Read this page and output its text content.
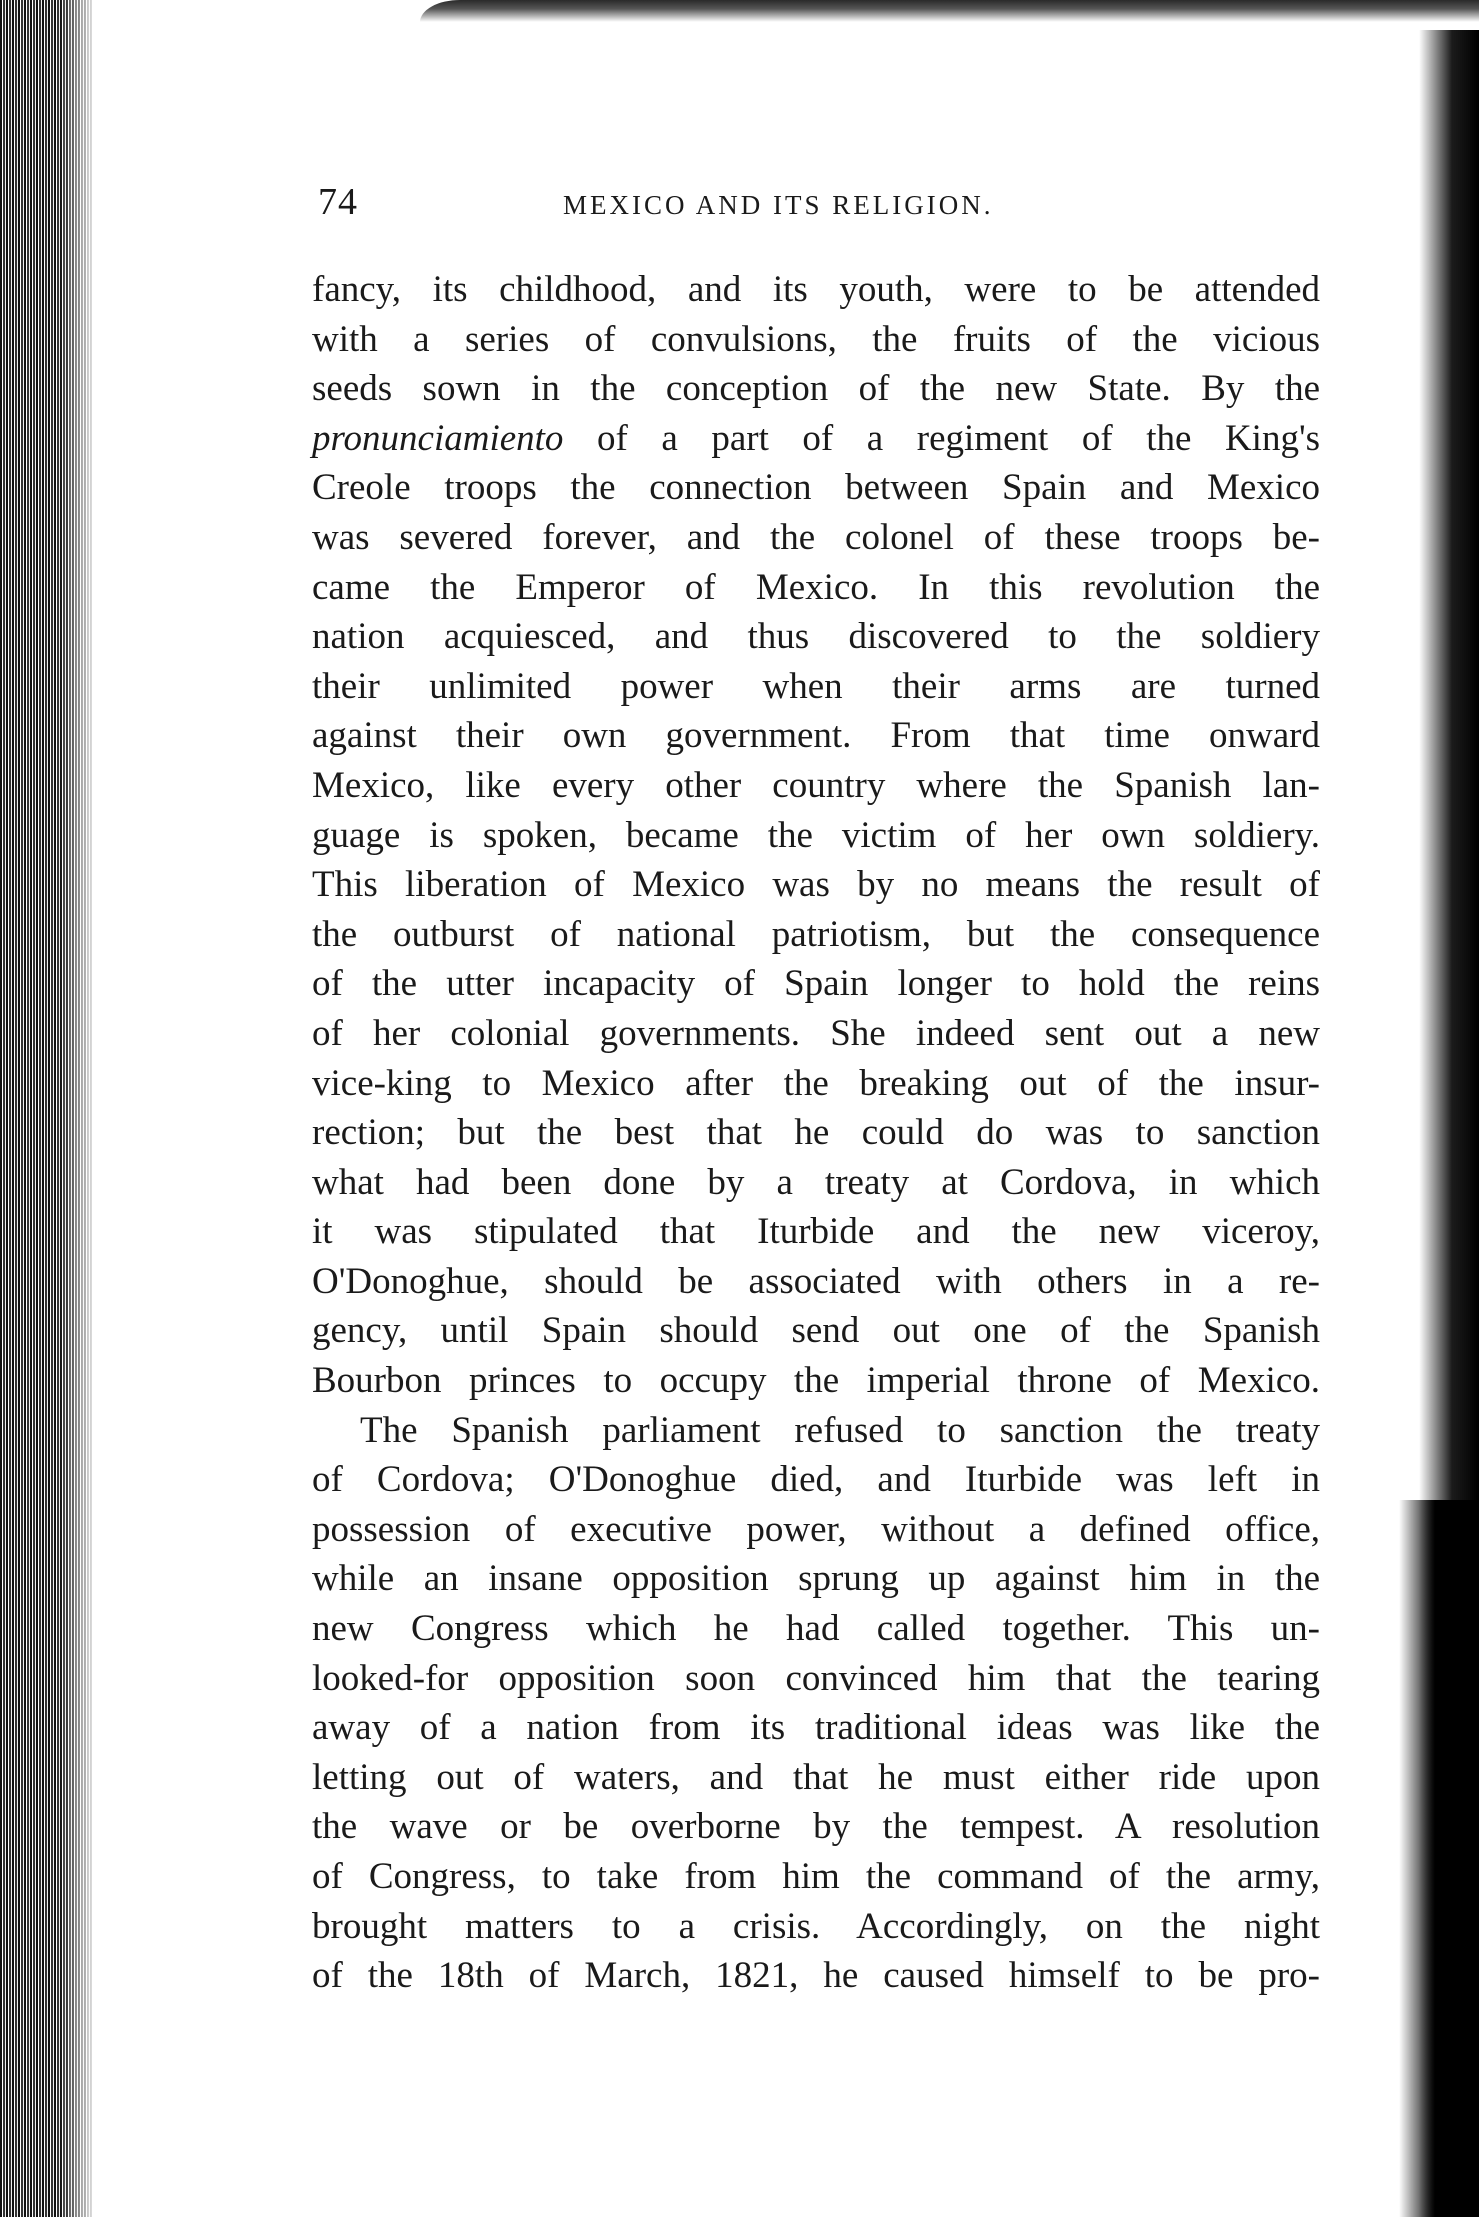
74	MEXICO AND ITS RELIGION.
fancy, its childhood, and its youth, were to be attended
with a series of convulsions, the fruits of the vicious
seeds sown in the conception of the new State. By the
pronunciamiento of a part of a regiment of the King's
Creole troops the connection between Spain and Mexico
was severed forever, and the colonel of these troops be-
came the Emperor of Mexico. In this revolution the
nation acquiesced, and thus discovered to the soldiery
their unlimited power when their arms are turned
against their own government. From that time onward
Mexico, like every other country where the Spanish lan-
guage is spoken, became the victim of her own soldiery.
This liberation of Mexico was by no means the result of
the outburst of national patriotism, but the consequence
of the utter incapacity of Spain longer to hold the reins
of her colonial governments. She indeed sent out a new
vice-king to Mexico after the breaking out of the insur-
rection; but the best that he could do was to sanction
what had been done by a treaty at Cordova, in which
it was stipulated that Iturbide and the new viceroy,
O'Donoghue, should be associated with others in a re-
gency, until Spain should send out one of the Spanish
Bourbon princes to occupy the imperial throne of Mexico.
The Spanish parliament refused to sanction the treaty
of Cordova; O'Donoghue died, and Iturbide was left in
possession of executive power, without a defined office,
while an insane opposition sprung up against him in the
new Congress which he had called together. This un-
looked-for opposition soon convinced him that the tearing
away of a nation from its traditional ideas was like the
letting out of waters, and that he must either ride upon
the wave or be overborne by the tempest. A resolution
of Congress, to take from him the command of the army,
brought matters to a crisis. Accordingly, on the night
of the 18th of March, 1821, he caused himself to be pro-
